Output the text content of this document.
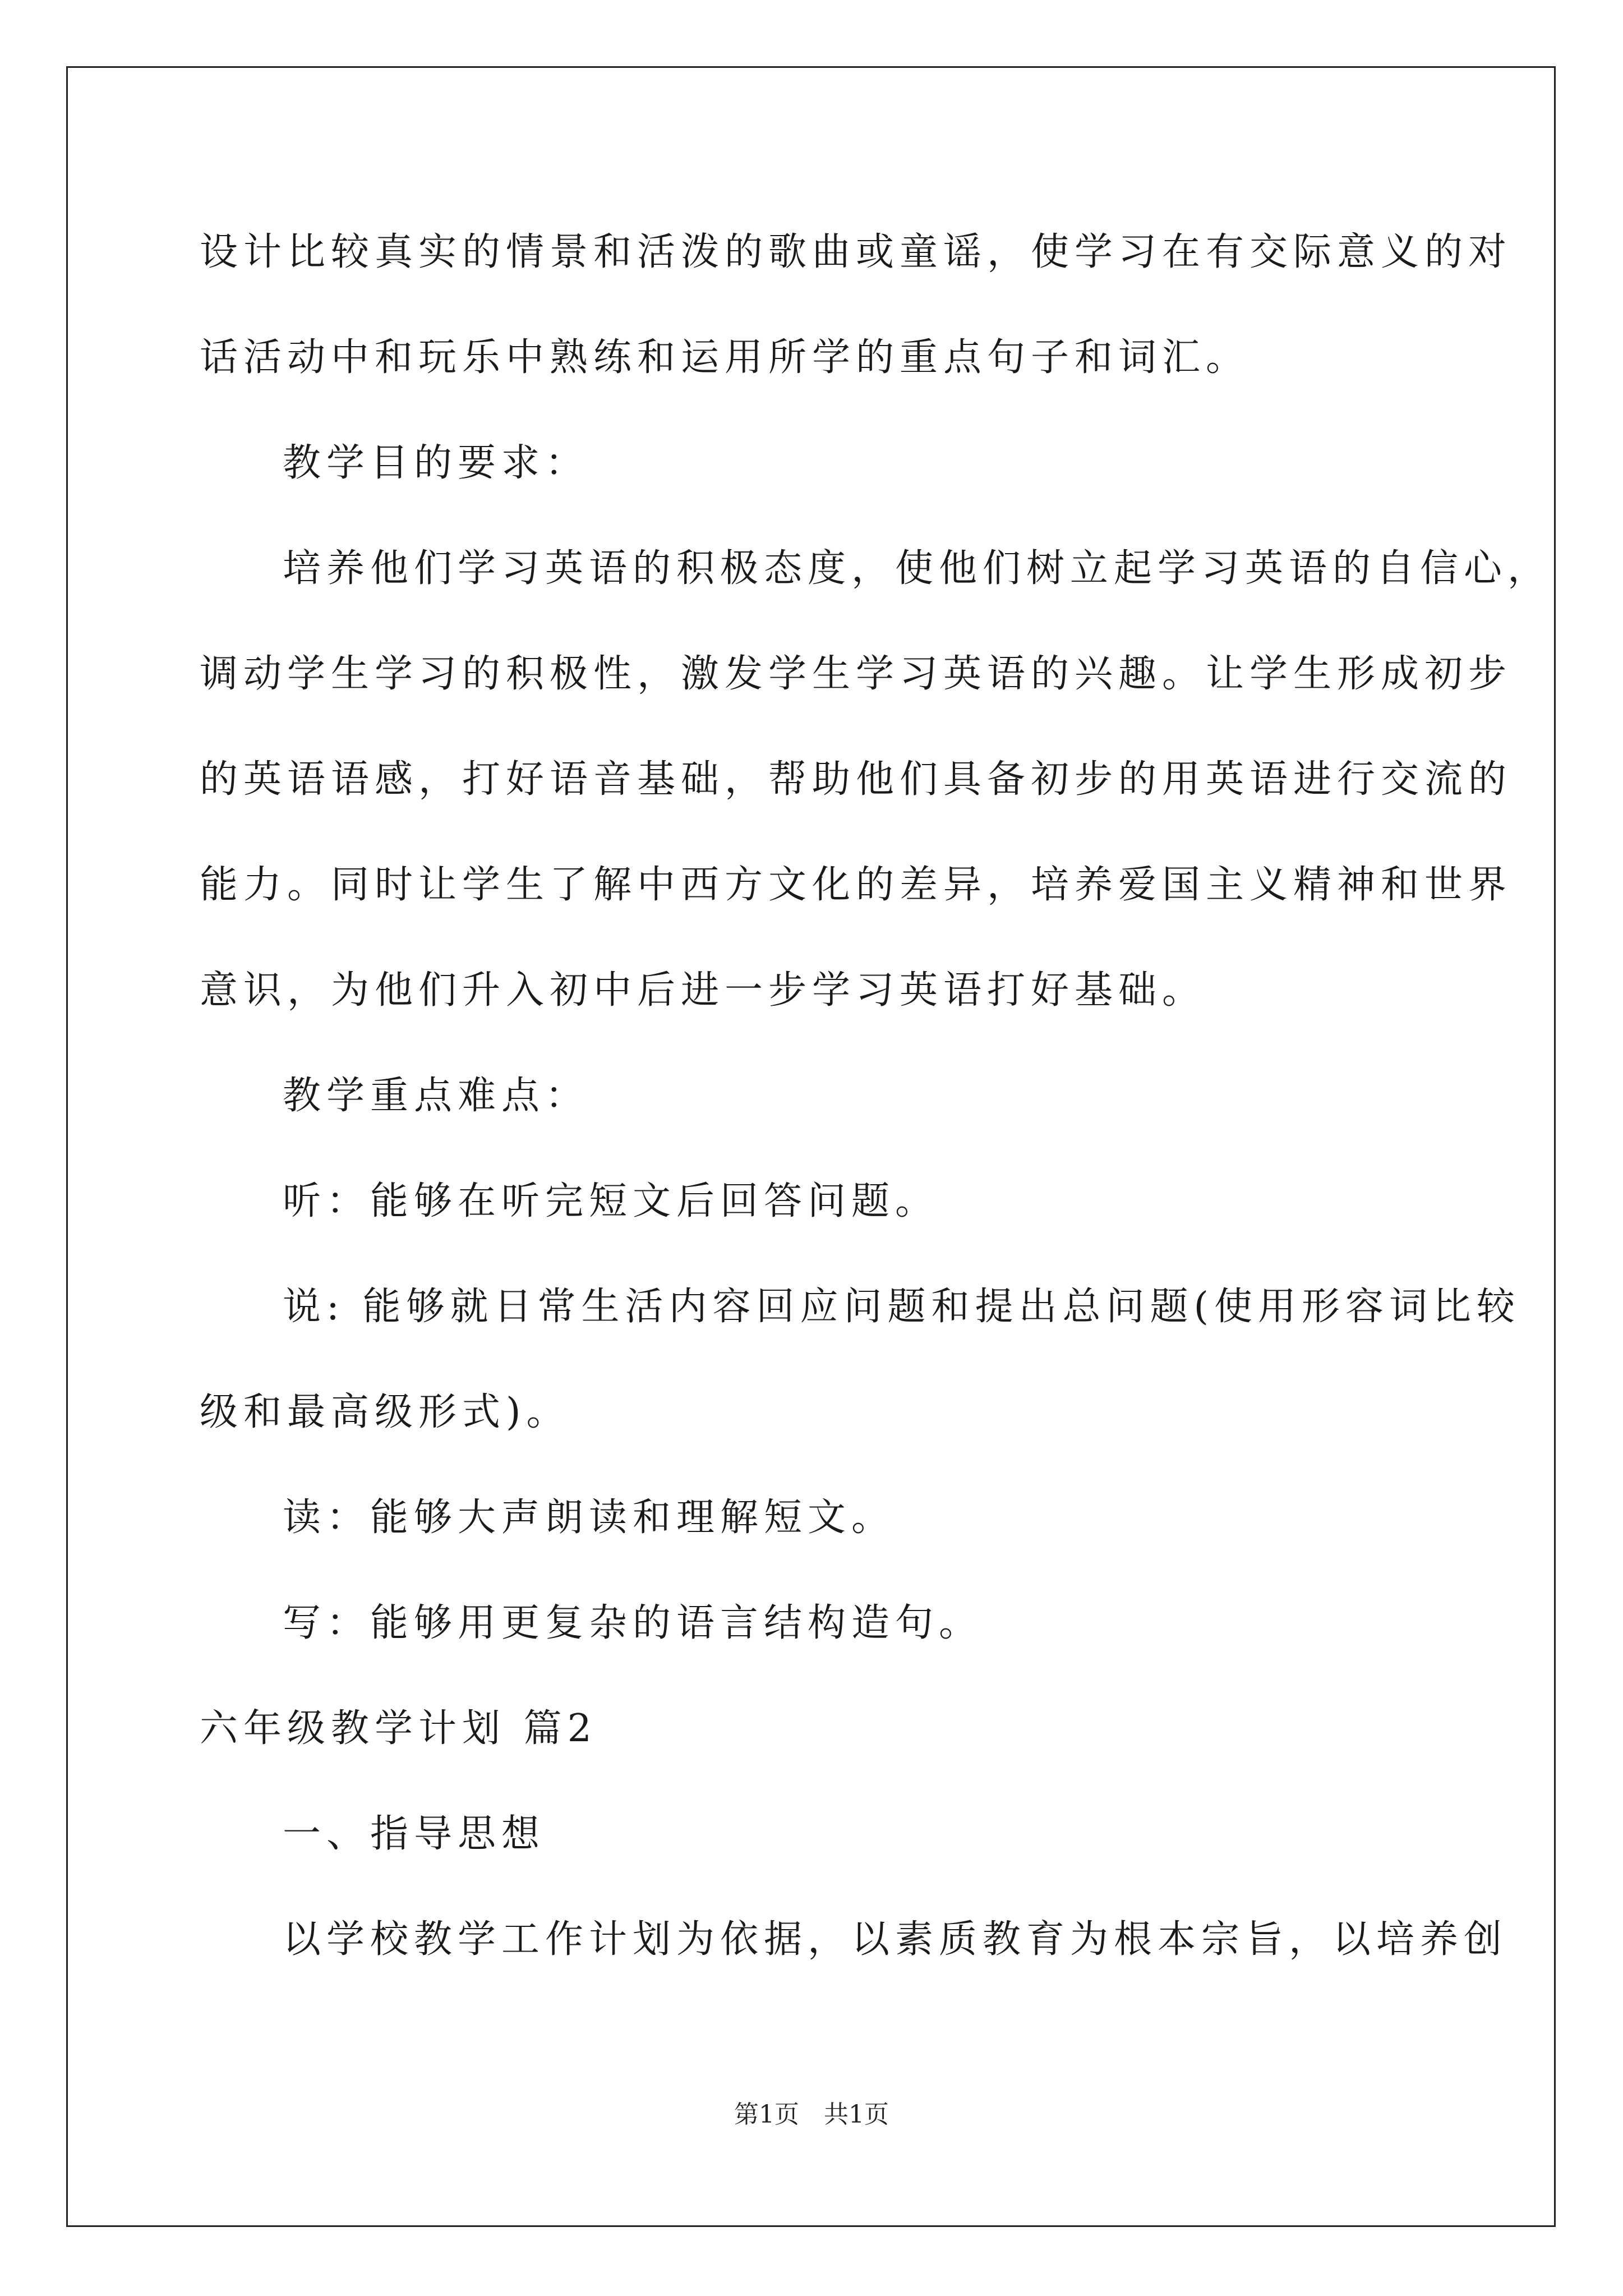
设计比较真实的情景和活泼的歌曲或童谣，使学习在有交际意义的对
话活动中和玩乐中熟练和运用所学的重点句子和词汇。
教学目的要求：
培养他们学习英语的积极态度，使他们树立起学习英语的自信心，
调动学生学习的积极性，激发学生学习英语的兴趣。让学生形成初步
的英语语感，打好语音基础，帮助他们具备初步的用英语进行交流的
能力。同时让学生了解中西方文化的差异，培养爱国主义精神和世界
意识，为他们升入初中后进一步学习英语打好基础。
教学重点难点：
听：能够在听完短文后回答问题。
说: 能够就日常生活内容回应问题和提出总问题(使用形容词比较
级和最高级形式)。
读：能够大声朗读和理解短文。
写：能够用更复杂的语言结构造句。
六年级教学计划 篇2
一、指导思想
以学校教学工作计划为依据，以素质教育为根本宗旨，以培养创
第1页　共1页
